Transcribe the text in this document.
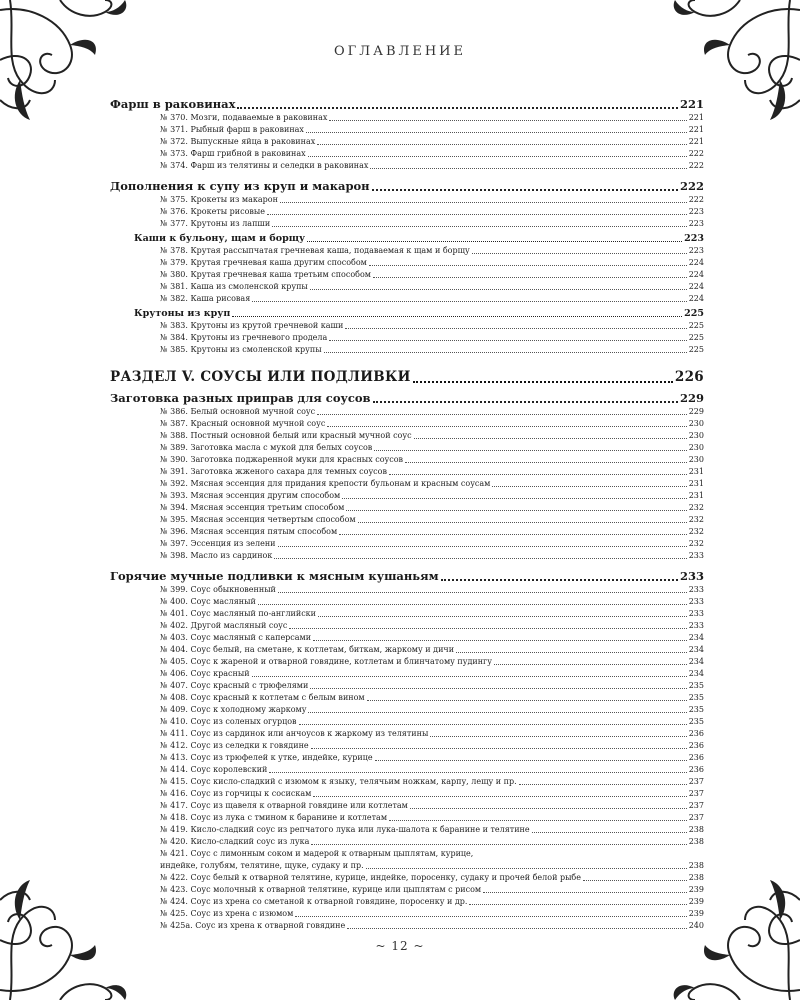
ОГЛАВЛЕНИЕ
Фарш в раковинах	221
№ 370. Мозги, подаваемые в раковинах	221
№ 371. Рыбный фарш в раковинах	221
№ 372. Выпускные яйца в раковинах	221
№ 373. Фарш грибной в раковинах	222
№ 374. Фарш из телятины и селедки в раковинах	222
Дополнения к супу из круп и макарон	222
№ 375. Крокеты из макарон	222
№ 376. Крокеты рисовые	223
№ 377. Крутоны из лапши	223
Каши к бульону, щам и борщу	223
№ 378. Крутая рассыпчатая гречневая каша, подаваемая к щам и борщу	223
№ 379. Крутая гречневая каша другим способом	224
№ 380. Крутая гречневая каша третьим способом	224
№ 381. Каша из смоленской крупы	224
№ 382. Каша рисовая	224
Крутоны из круп	225
№ 383. Крутоны из крутой гречневой каши	225
№ 384. Крутоны из гречневого продела	225
№ 385. Крутоны из смоленской крупы	225
РАЗДЕЛ V. СОУСЫ ИЛИ ПОДЛИВКИ	226
Заготовка разных приправ для соусов	229
№ 386. Белый основной мучной соус	229
№ 387. Красный основной мучной соус	230
№ 388. Постный основной белый или красный мучной соус	230
№ 389. Заготовка масла с мукой для белых соусов	230
№ 390. Заготовка поджаренной муки для красных соусов	230
№ 391. Заготовка жженого сахара для темных соусов	231
№ 392. Мясная эссенция для придания крепости бульонам и красным соусам	231
№ 393. Мясная эссенция другим способом	231
№ 394. Мясная эссенция третьим способом	232
№ 395. Мясная эссенция четвертым способом	232
№ 396. Мясная эссенция пятым способом	232
№ 397. Эссенция из зелени	232
№ 398. Масло из сардинок	233
Горячие мучные подливки к мясным кушаньям	233
№ 399. Соус обыкновенный	233
№ 400. Соус масляный	233
№ 401. Соус масляный по-английски	233
№ 402. Другой масляный соус	233
№ 403. Соус масляный с каперсами	234
№ 404. Соус белый, на сметане, к котлетам, биткам, жаркому и дичи	234
№ 405. Соус к жареной и отварной говядине, котлетам и блинчатому пудингу	234
№ 406. Соус красный	234
№ 407. Соус красный с трюфелями	235
№ 408. Соус красный к котлетам с белым вином	235
№ 409. Соус к холодному жаркому	235
№ 410. Соус из соленых огурцов	235
№ 411. Соус из сардинок или анчоусов к жаркому из телятины	236
№ 412. Соус из селедки к говядине	236
№ 413. Соус из трюфелей к утке, индейке, курице	236
№ 414. Соус королевский	236
№ 415. Соус кисло-сладкий с изюмом к языку, телячьим ножкам, карпу, лещу и пр.	237
№ 416. Соус из горчицы к сосискам	237
№ 417. Соус из щавеля к отварной говядине или котлетам	237
№ 418. Соус из лука с тмином к баранине и котлетам	237
№ 419. Кисло-сладкий соус из репчатого лука или лука-шалота к баранине и телятине	238
№ 420. Кисло-сладкий соус из лука	238
№ 421. Соус с лимонным соком и мадерой к отварным цыплятам, курице,
индейке, голубям, телятине, щуке, судаку и пр.	238
№ 422. Соус белый к отварной телятине, курице, индейке, поросенку, судаку и прочей белой рыбе	238
№ 423. Соус молочный к отварной телятине, курице или цыплятам с рисом	239
№ 424. Соус из хрена со сметаной к отварной говядине, поросенку и др.	239
№ 425. Соус из хрена с изюмом	239
№ 425а. Соус из хрена к отварной говядине	240
~ 12 ~
